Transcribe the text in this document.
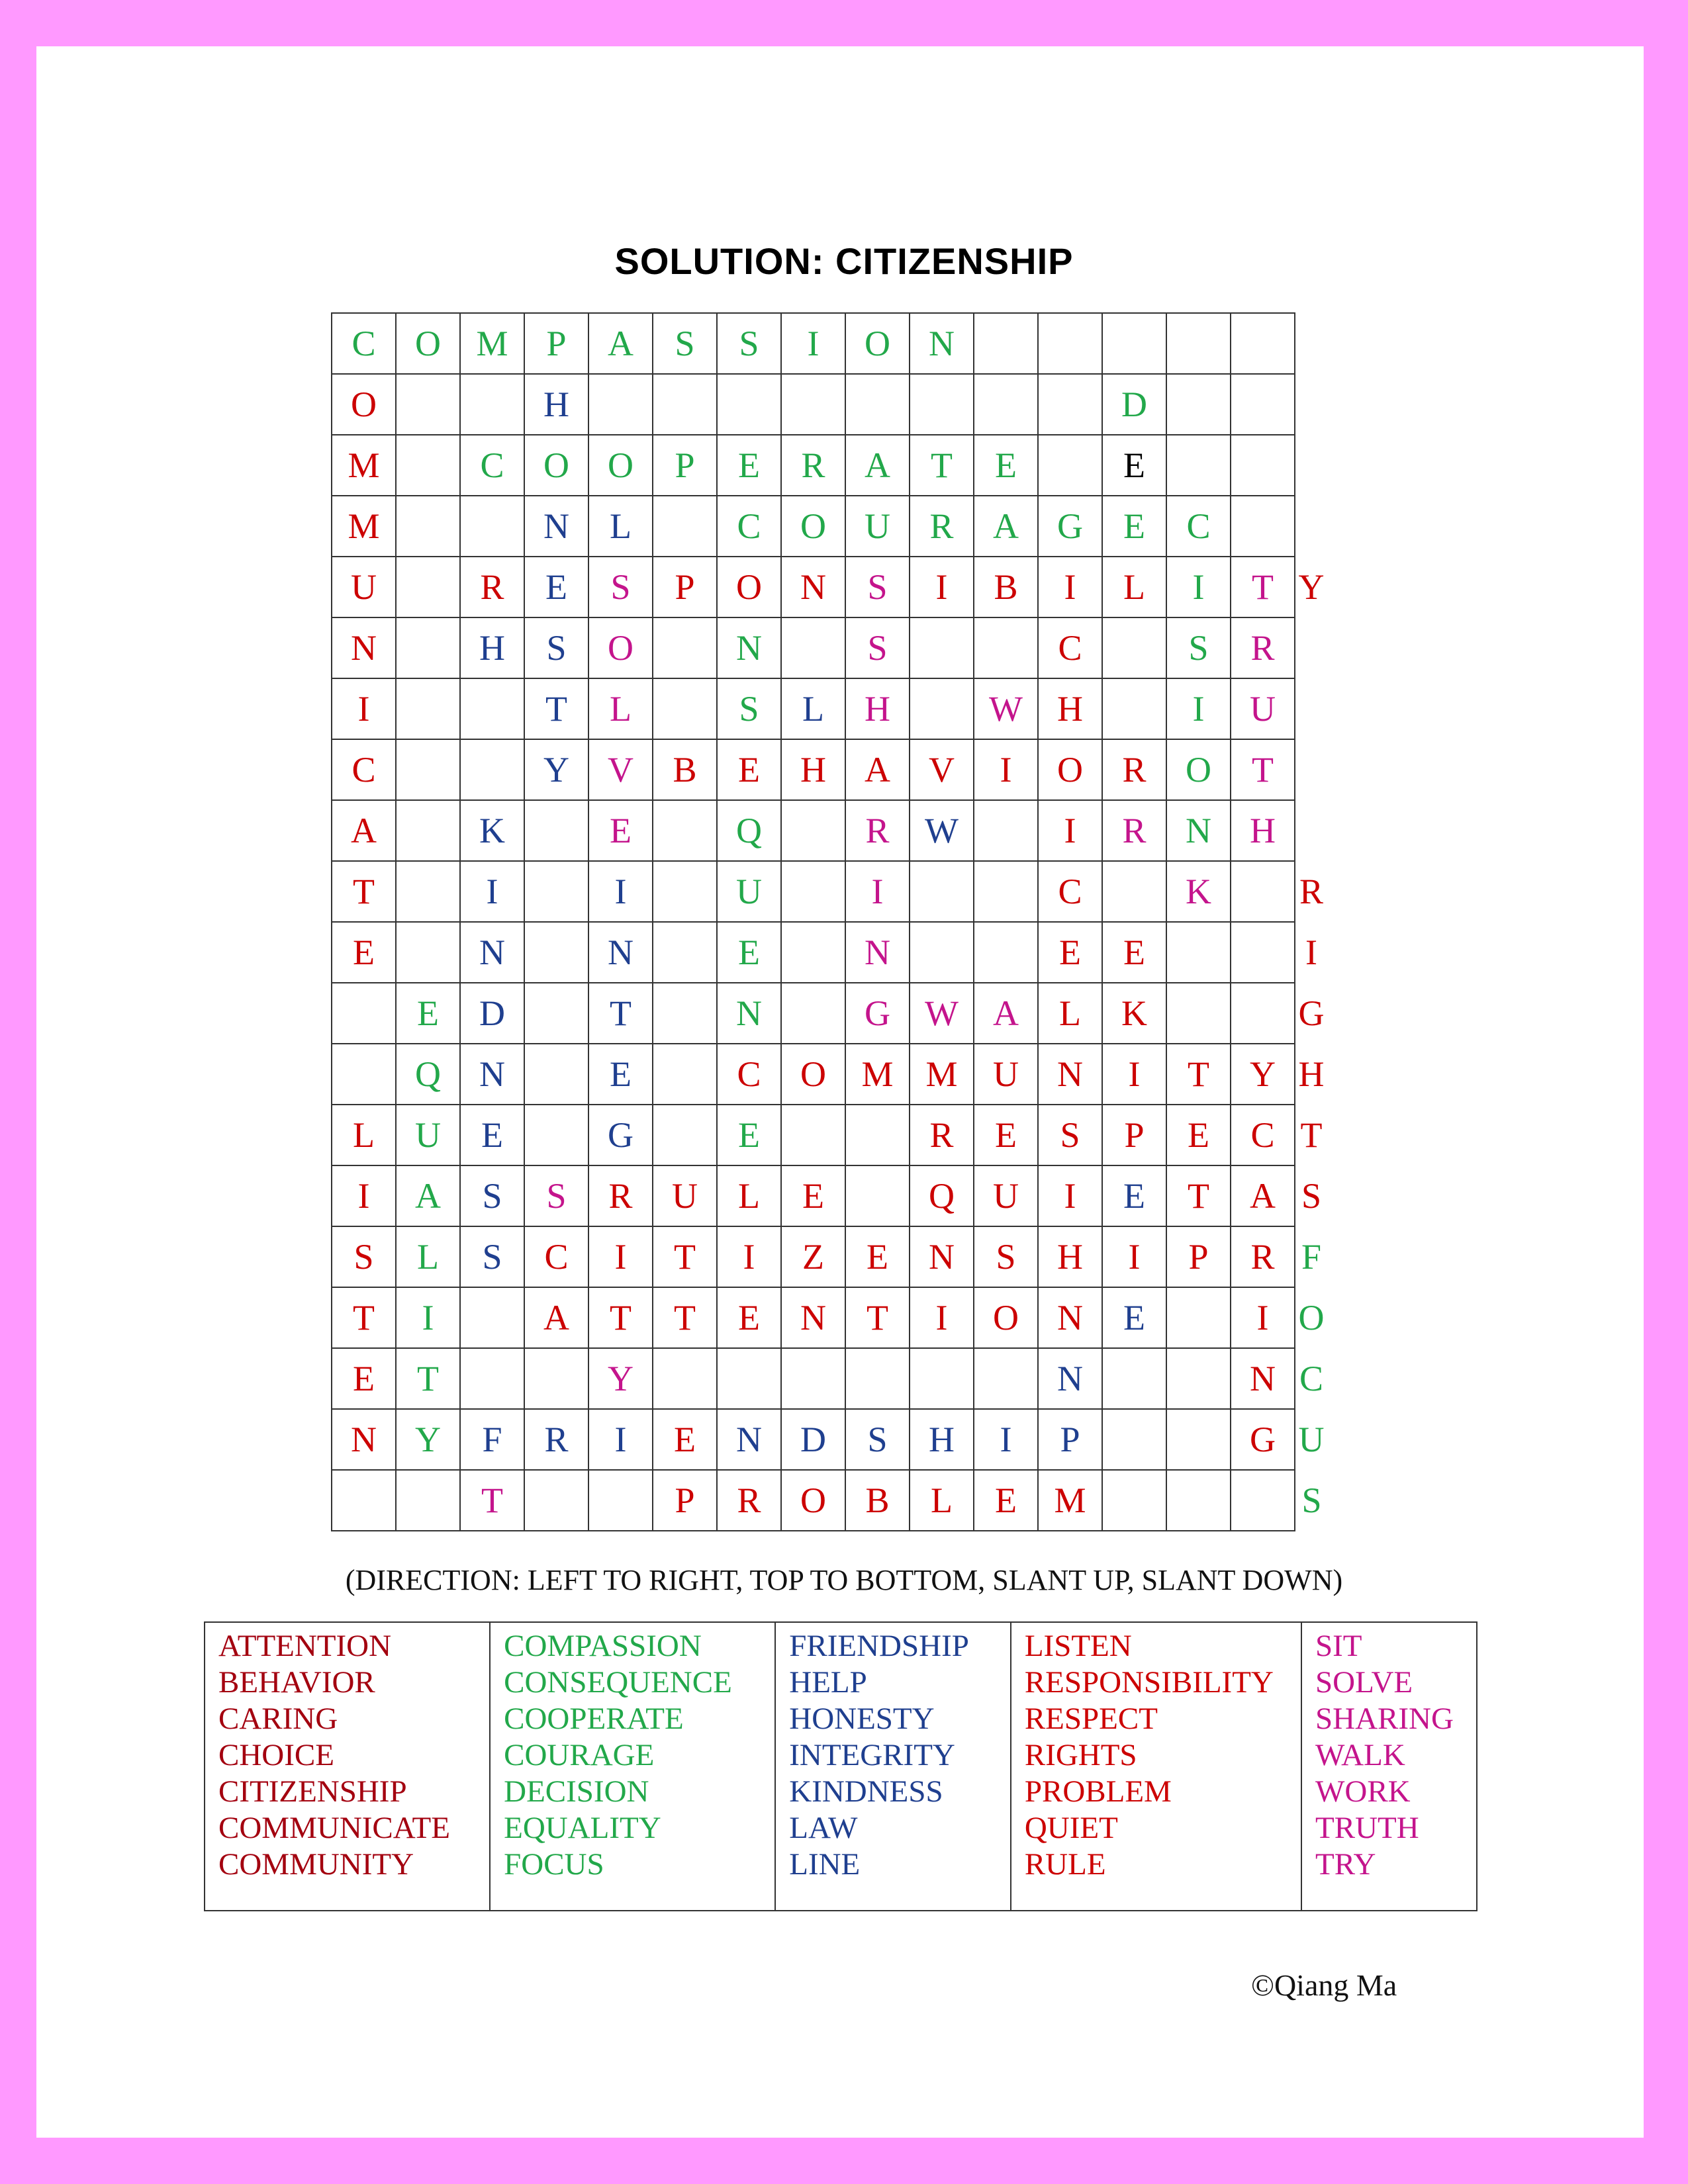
SOLUTION: CITIZENSHIP
C	O	M	P	A	S	S	I	O	N						
O			H									D			
M		C	O	O	P	E	R	A	T	E		E			
M			N	L		C	O	U	R	A	G	E	C		
U		R	E	S	P	O	N	S	I	B	I	L	I	T	Y
N		H	S	O		N		S			C		S	R	
I			T	L		S	L	H		W	H		I	U	
C			Y	V	B	E	H	A	V	I	O	R	O	T	
A		K		E		Q		R	W		I	R	N	H	
T		I		I		U		I			C		K		R
E		N		N		E		N			E	E			I
	E	D		T		N		G	W	A	L	K			G
	Q	N		E		C	O	M	M	U	N	I	T	Y	H
L	U	E		G		E			R	E	S	P	E	C	T
I	A	S	S	R	U	L	E		Q	U	I	E	T	A	S
S	L	S	C	I	T	I	Z	E	N	S	H	I	P	R	F
T	I		A	T	T	E	N	T	I	O	N	E		I	O
E	T			Y							N			N	C
N	Y	F	R	I	E	N	D	S	H	I	P			G	U
		T			P	R	O	B	L	E	M				S
(DIRECTION: LEFT TO RIGHT, TOP TO BOTTOM, SLANT UP, SLANT DOWN)
ATTENTION
BEHAVIOR
CARING
CHOICE
CITIZENSHIP
COMMUNICATE
COMMUNITY

COMPASSION
CONSEQUENCE
COOPERATE
COURAGE
DECISION
EQUALITY
FOCUS

FRIENDSHIP
HELP
HONESTY
INTEGRITY
KINDNESS
LAW
LINE

LISTEN
RESPONSIBILITY
RESPECT
RIGHTS
PROBLEM
QUIET
RULE

SIT
SOLVE
SHARING
WALK
WORK
TRUTH
TRY
©Qiang Ma
